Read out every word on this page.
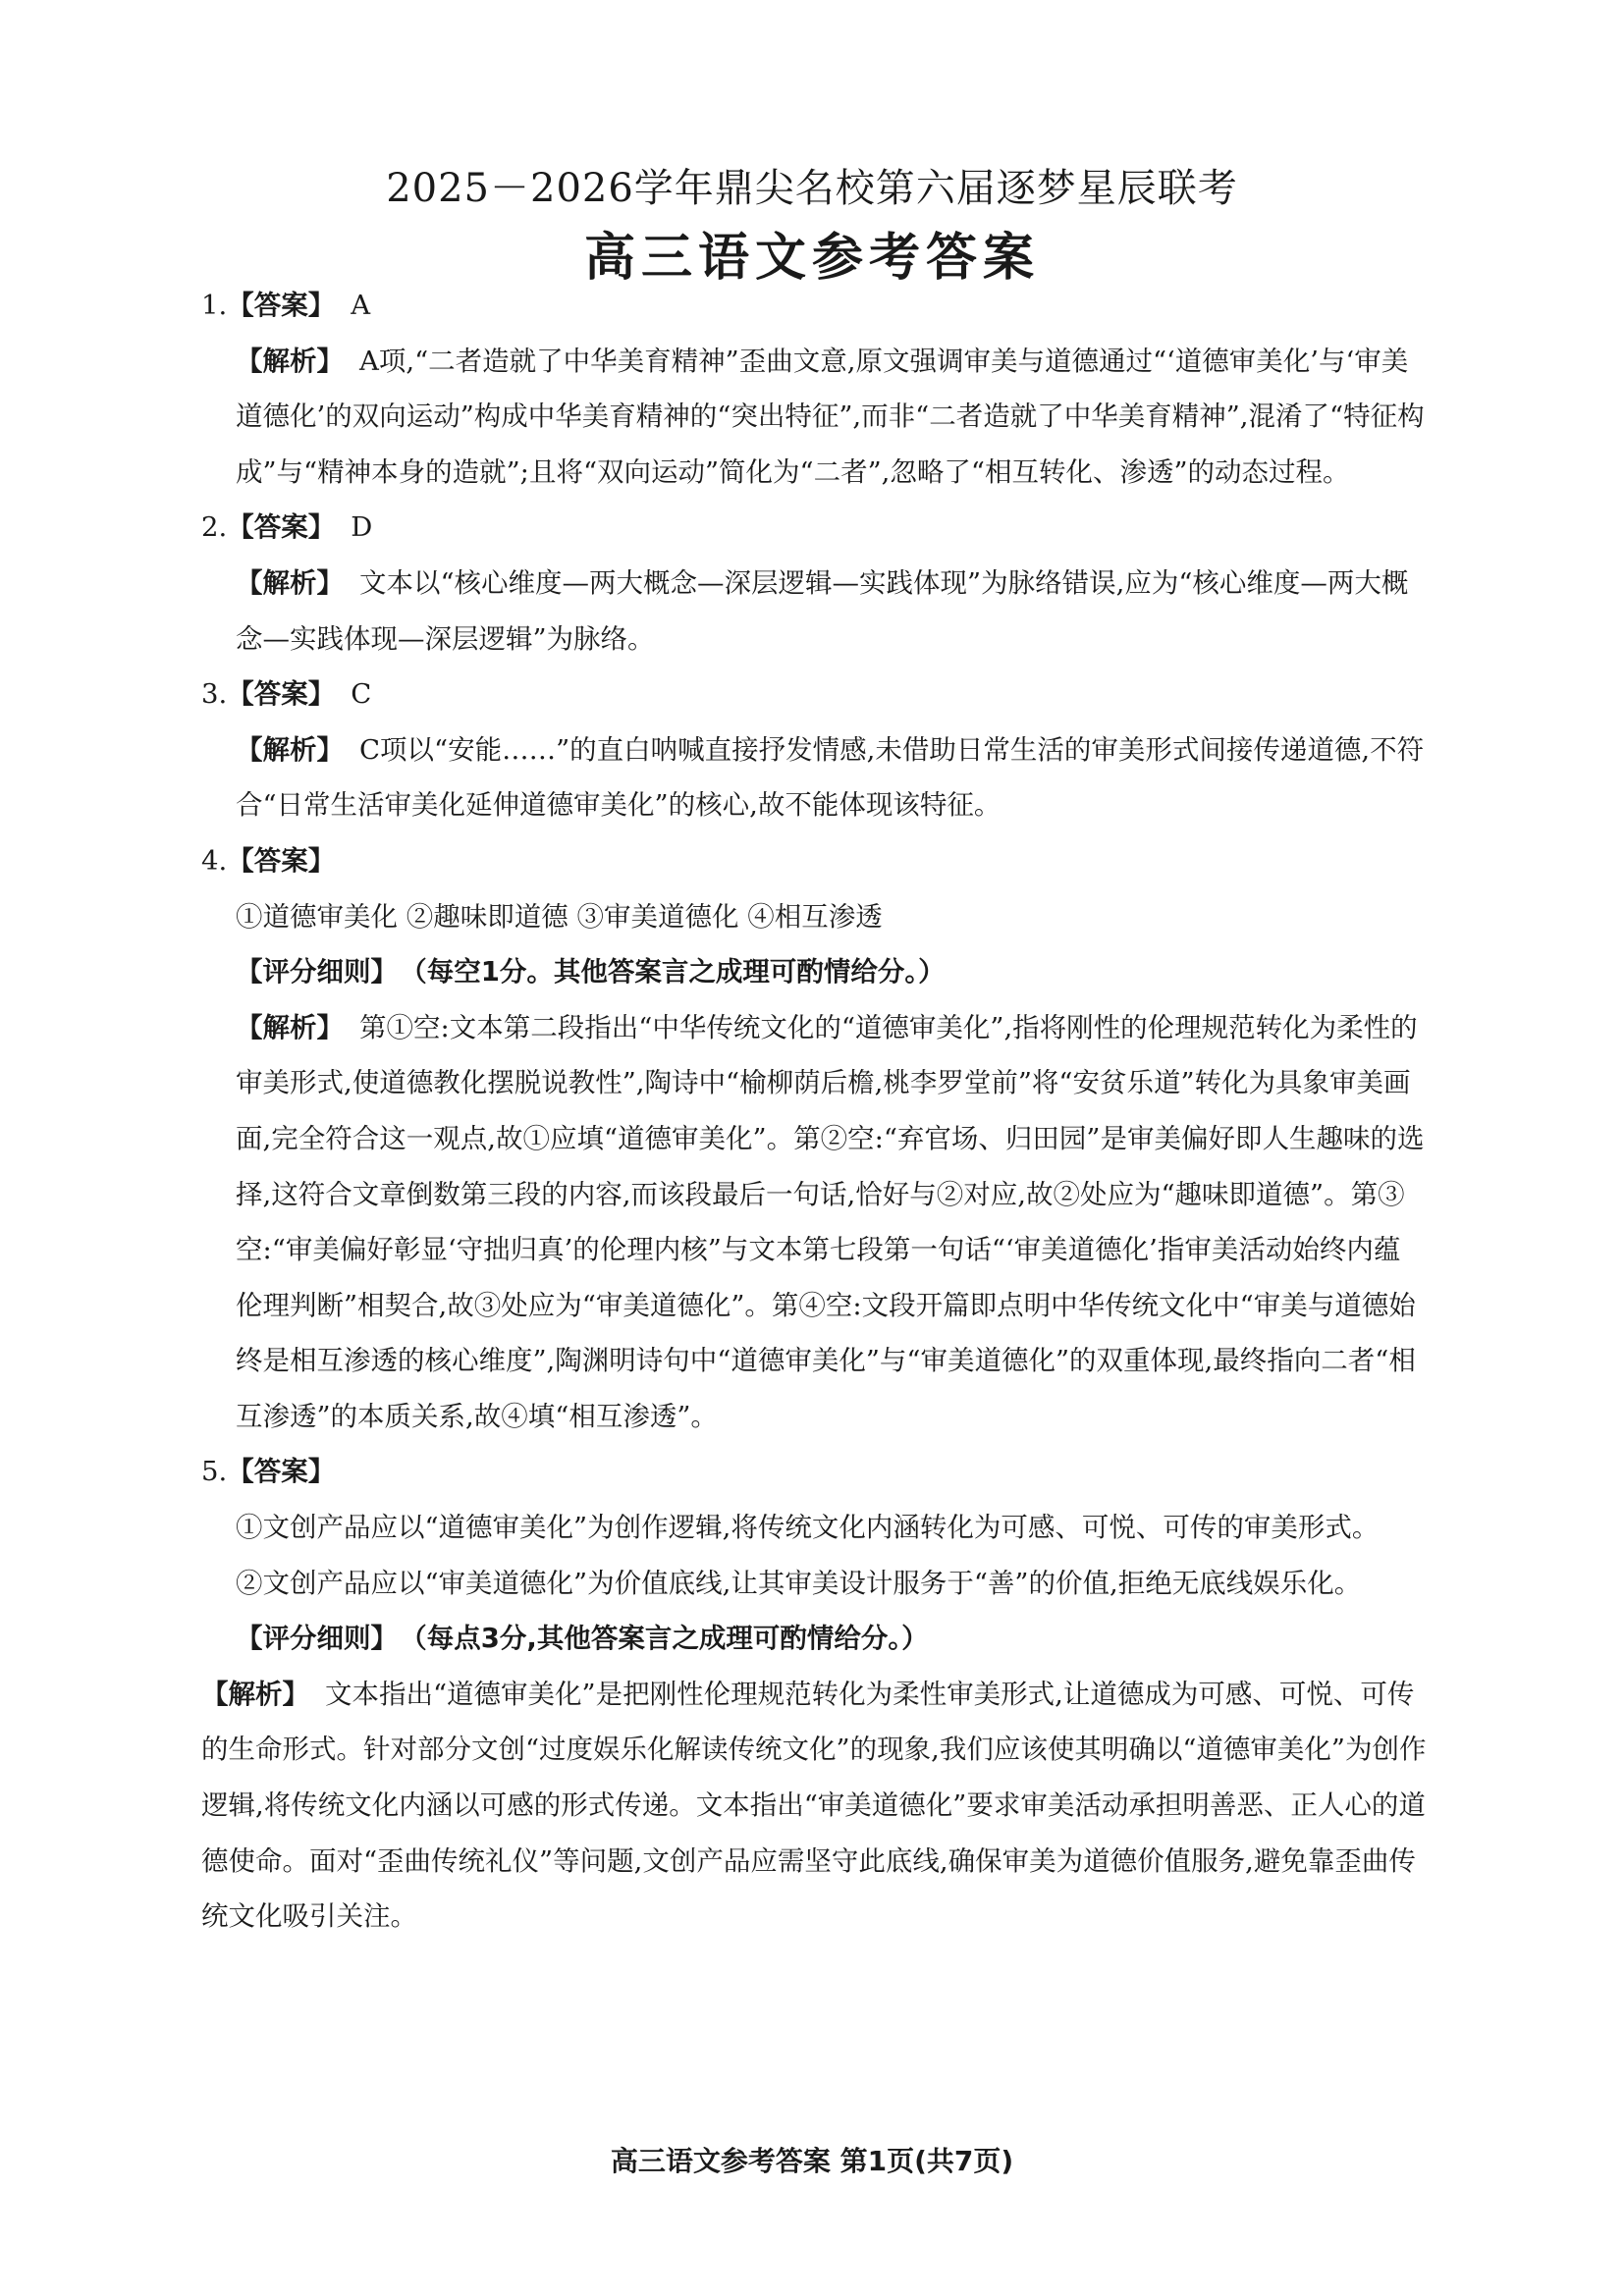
2025－2026学年鼎尖名校第六届逐梦星辰联考
高三语文参考答案

1.【答案】 A

【解析】 A项,“二者造就了中华美育精神”歪曲文意,原文强调审美与道德通过“‘道德审美化’与‘审美道德化’的双向运动”构成中华美育精神的“突出特征”,而非“二者造就了中华美育精神”,混淆了“特征构成”与“精神本身的造就”;且将“双向运动”简化为“二者”,忽略了“相互转化、渗透”的动态过程。

2.【答案】 D

【解析】 文本以“核心维度—两大概念—深层逻辑—实践体现”为脉络错误,应为“核心维度—两大概念—实践体现—深层逻辑”为脉络。

3.【答案】 C

【解析】 C项以“安能……”的直白呐喊直接抒发情感,未借助日常生活的审美形式间接传递道德,不符合“日常生活审美化延伸道德审美化”的核心,故不能体现该特征。

4.【答案】

①道德审美化 ②趣味即道德 ③审美道德化 ④相互渗透

【评分细则】 （每空1分。其他答案言之成理可酌情给分。）

【解析】 第①空:文本第二段指出“中华传统文化的“道德审美化”,指将刚性的伦理规范转化为柔性的审美形式,使道德教化摆脱说教性”,陶诗中“榆柳荫后檐,桃李罗堂前”将“安贫乐道”转化为具象审美画面,完全符合这一观点,故①应填“道德审美化”。第②空:“弃官场、归田园”是审美偏好即人生趣味的选择,这符合文章倒数第三段的内容,而该段最后一句话,恰好与②对应,故②处应为“趣味即道德”。第③空:“审美偏好彰显‘守拙归真’的伦理内核”与文本第七段第一句话“‘审美道德化’指审美活动始终内蕴伦理判断”相契合,故③处应为“审美道德化”。第④空:文段开篇即点明中华传统文化中“审美与道德始终是相互渗透的核心维度”,陶渊明诗句中“道德审美化”与“审美道德化”的双重体现,最终指向二者“相互渗透”的本质关系,故④填“相互渗透”。

5.【答案】

①文创产品应以“道德审美化”为创作逻辑,将传统文化内涵转化为可感、可悦、可传的审美形式。

②文创产品应以“审美道德化”为价值底线,让其审美设计服务于“善”的价值,拒绝无底线娱乐化。

【评分细则】 （每点3分,其他答案言之成理可酌情给分。）

【解析】 文本指出“道德审美化”是把刚性伦理规范转化为柔性审美形式,让道德成为可感、可悦、可传的生命形式。针对部分文创“过度娱乐化解读传统文化”的现象,我们应该使其明确以“道德审美化”为创作逻辑,将传统文化内涵以可感的形式传递。文本指出“审美道德化”要求审美活动承担明善恶、正人心的道德使命。面对“歪曲传统礼仪”等问题,文创产品应需坚守此底线,确保审美为道德价值服务,避免靠歪曲传统文化吸引关注。

高三语文参考答案 第1页(共7页)
